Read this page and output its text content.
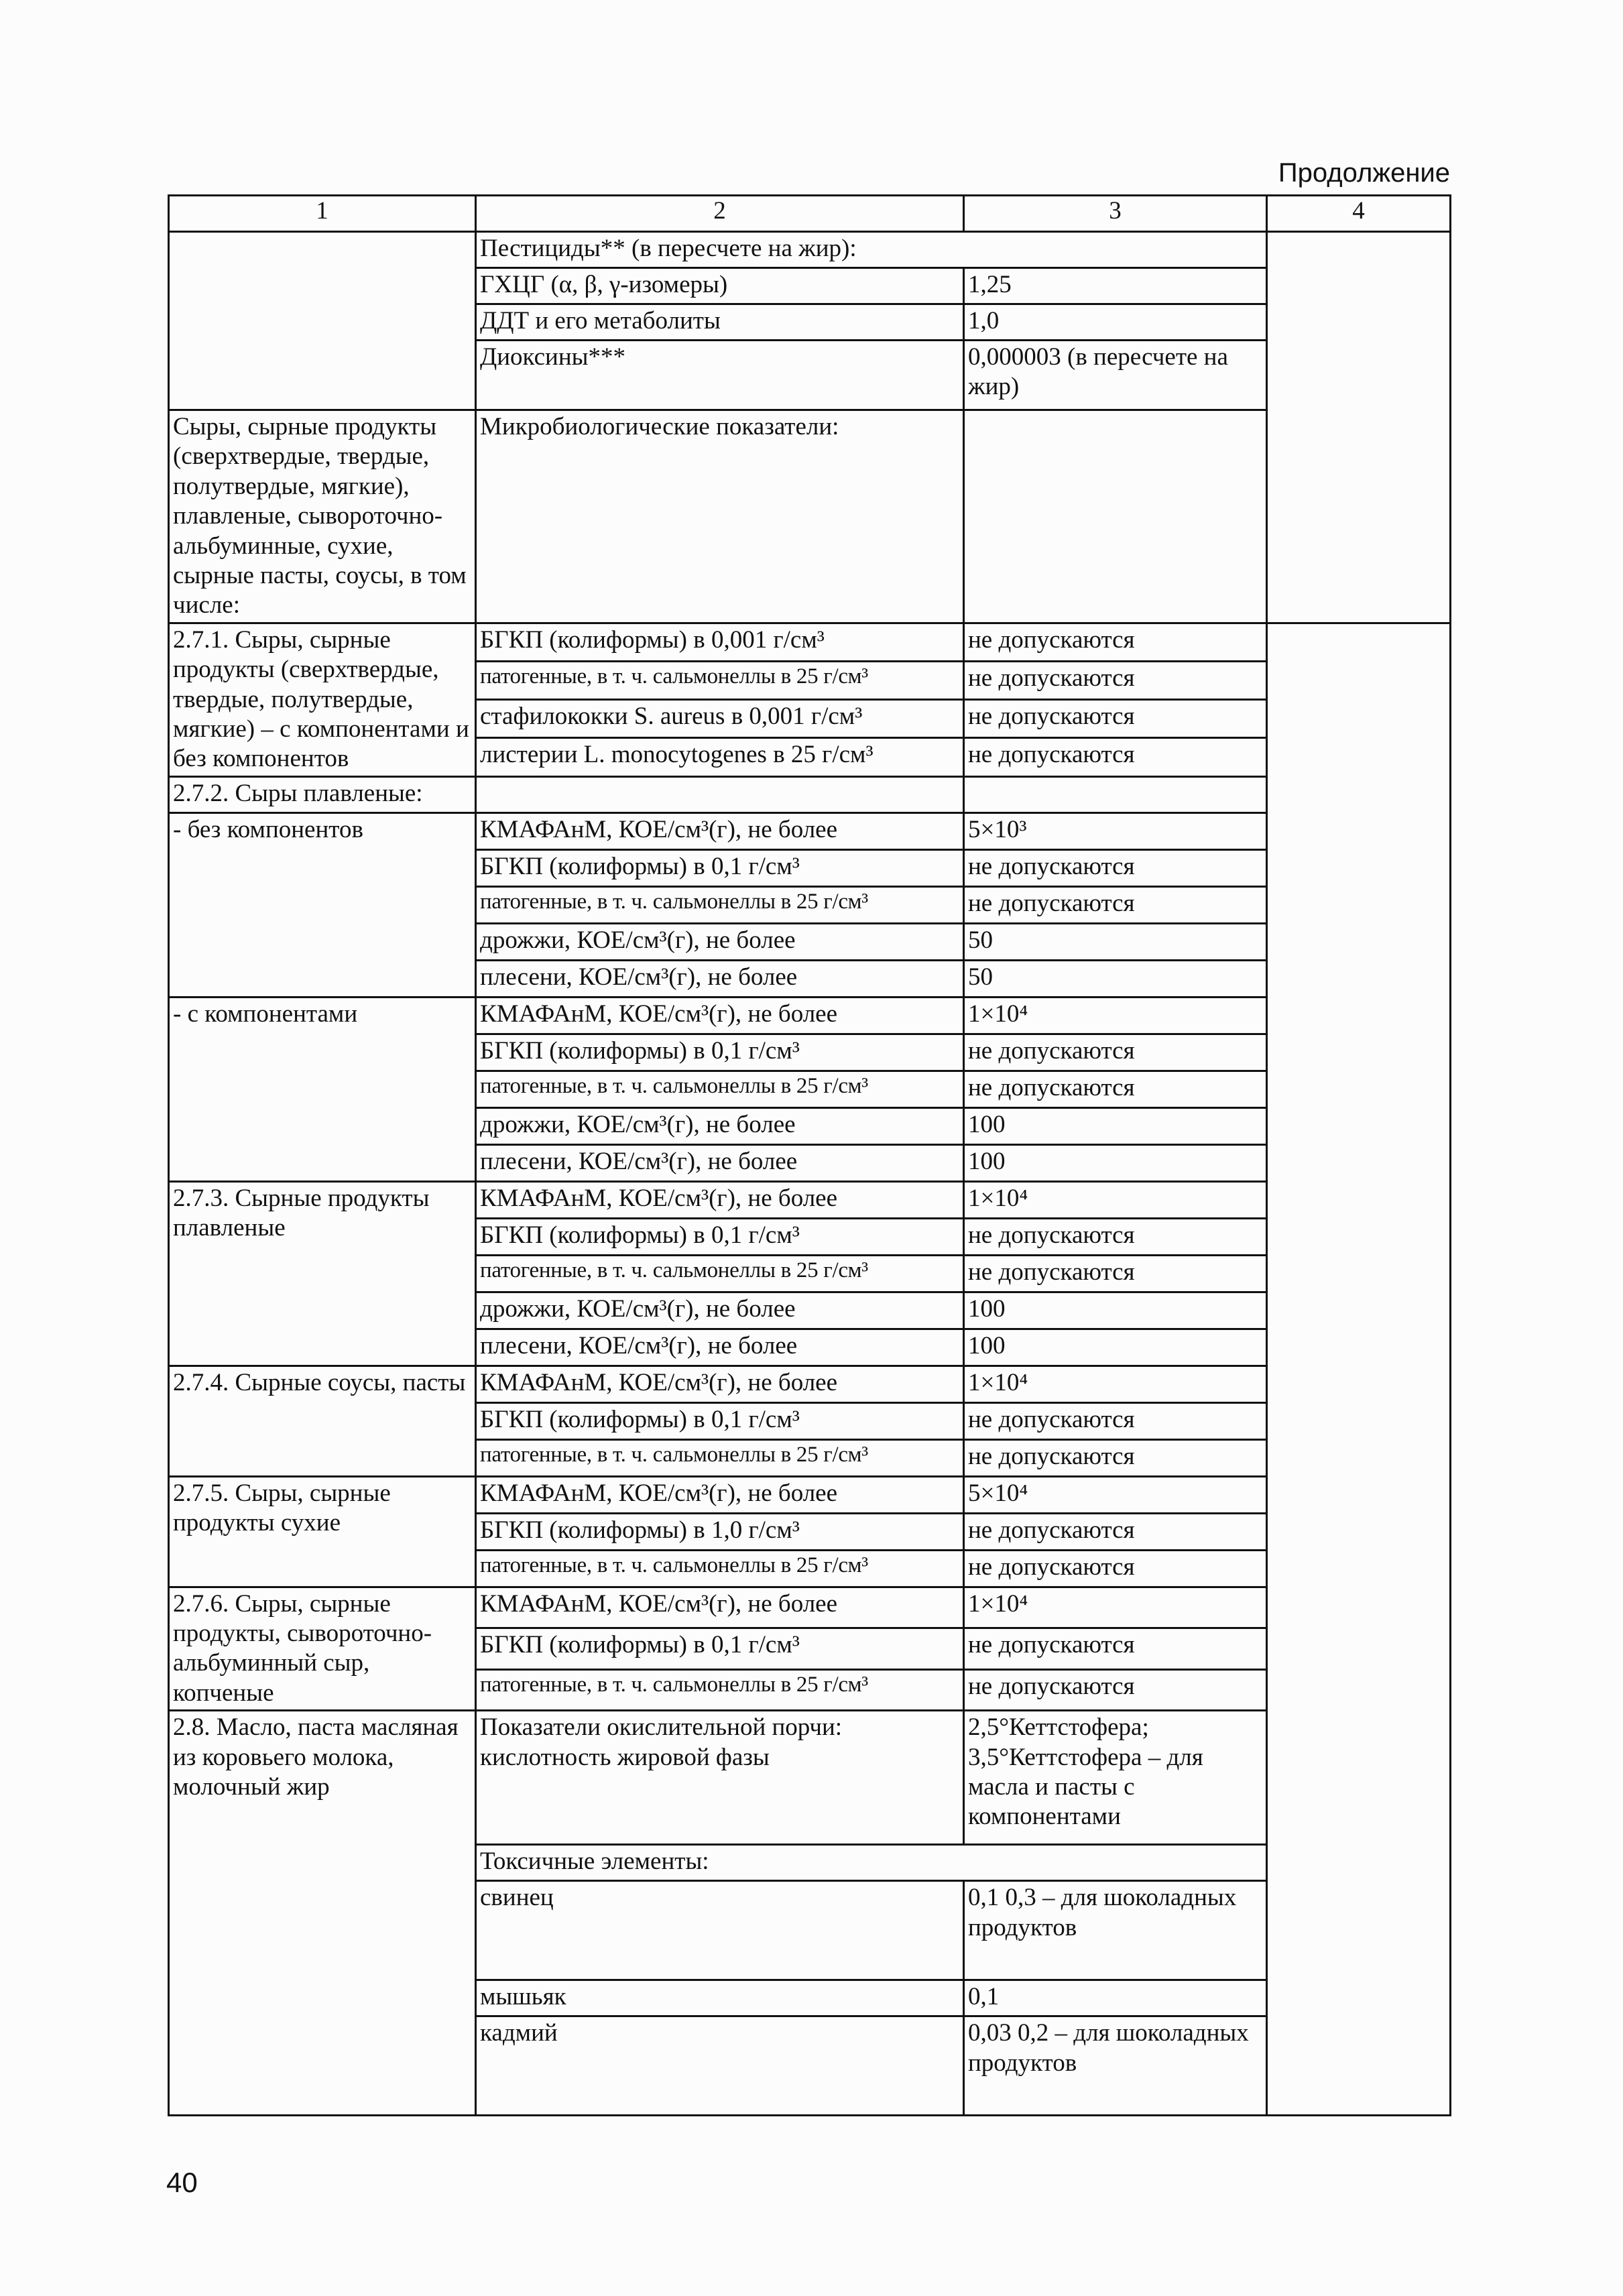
Продолжение
1	2	3	4
	Пестициды** (в пересчете на жир):		
	ГХЦГ (α, β, γ-изомеры)	1,25	
	ДДТ и его метаболиты	1,0	
	Диоксины***	0,000003 (в пересчете на жир)	
Сыры, сырные продукты (сверхтвердые, твердые, полутвердые, мягкие), плавленые, сывороточно-альбуминные, сухие, сырные пасты, соусы, в том числе:	Микробиологические показатели:		
2.7.1. Сыры, сырные продукты (сверхтвердые, твердые, полутвердые, мягкие) – с компонентами и без компонентов	БГКП (колиформы) в 0,001 г/см³	не допускаются	
	патогенные, в т. ч. сальмонеллы в 25 г/см³	не допускаются	
	стафилококки S. aureus в 0,001 г/см³	не допускаются	
	листерии L. monocytogenes в 25 г/см³	не допускаются	
2.7.2. Сыры плавленые:			
- без компонентов	КМАФАнМ, КОЕ/см³(г), не более	5×10³	
	БГКП (колиформы) в 0,1 г/см³	не допускаются	
	патогенные, в т. ч. сальмонеллы в 25 г/см³	не допускаются	
	дрожжи, КОЕ/см³(г), не более	50	
	плесени, КОЕ/см³(г), не более	50	
- с компонентами	КМАФАнМ, КОЕ/см³(г), не более	1×10⁴	
	БГКП (колиформы) в 0,1 г/см³	не допускаются	
	патогенные, в т. ч. сальмонеллы в 25 г/см³	не допускаются	
	дрожжи, КОЕ/см³(г), не более	100	
	плесени, КОЕ/см³(г), не более	100	
2.7.3. Сырные продукты плавленые	КМАФАнМ, КОЕ/см³(г), не более	1×10⁴	
	БГКП (колиформы) в 0,1 г/см³	не допускаются	
	патогенные, в т. ч. сальмонеллы в 25 г/см³	не допускаются	
	дрожжи, КОЕ/см³(г), не более	100	
	плесени, КОЕ/см³(г), не более	100	
2.7.4. Сырные соусы, пасты	КМАФАнМ, КОЕ/см³(г), не более	1×10⁴	
	БГКП (колиформы) в 0,1 г/см³	не допускаются	
	патогенные, в т. ч. сальмонеллы в 25 г/см³	не допускаются	
2.7.5. Сыры, сырные продукты сухие	КМАФАнМ, КОЕ/см³(г), не более	5×10⁴	
	БГКП (колиформы) в 1,0 г/см³	не допускаются	
	патогенные, в т. ч. сальмонеллы в 25 г/см³	не допускаются	
2.7.6. Сыры, сырные продукты, сывороточно-альбуминный сыр, копченые	КМАФАнМ, КОЕ/см³(г), не более	1×10⁴	
	БГКП (колиформы) в 0,1 г/см³	не допускаются	
	патогенные, в т. ч. сальмонеллы в 25 г/см³	не допускаются	
2.8. Масло, паста масляная из коровьего молока, молочный жир	Показатели окислительной порчи: кислотность жировой фазы	2,5°Кеттстофера; 3,5°Кеттстофера – для масла и пасты с компонентами	
	Токсичные элементы:		
	свинец	0,1 0,3 – для шоколадных продуктов	
	мышьяк	0,1	
	кадмий	0,03 0,2 – для шоколадных продуктов	
40
